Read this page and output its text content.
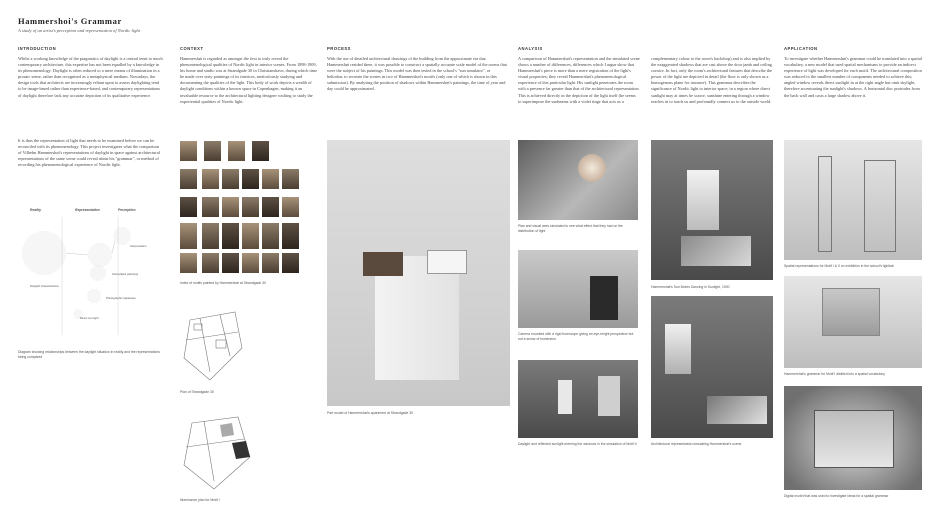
Hammershoi's Grammar
A study of an artist's perception and representation of Nordic light
INTRODUCTION
Whilst a working knowledge of the pragmatics of daylight is a central tenet to much contemporary architecture, this expertise has not been equalled by a knowledge in its phenomenology. Daylight is often reduced to a mere means of illumination in a prosaic sense, rather than recognised as a metaphysical medium. Nowadays, the design tools that architects are increasingly reliant upon to assess daylighting tend to be image-based rather than experience-based, and contemporary representations of daylight therefore lack any accurate depiction of its qualitative experience.
It is thus the representation of light that needs to be examined before we can be reconciled with its phenomenology. This project investigates what the comparison of Vilhelm Hammershøi's representations of daylight in space against architectural representations of the same scene could reveal about his "grammar", or method of recording his phenomenological experience of Nordic light.
Reality	Representation	Perception
Interpretation
Interrelated paintings
Photographic apparatus
Direct sun light
Daylight characteristics
Diagram showing relationships between the daylight situation in reality and the representations being compared
CONTEXT
Hammershøi is regarded as amongst the first to truly reveal the phenomenological qualities of Nordic light in interior scenes. From 1898-1909, his home and studio was at Strandgade 30 in Christianshavn, during which time he made over sixty paintings of its interiors, meticulously studying and documenting the qualities of the light. This body of work depicts a wealth of daylight conditions within a known space in Copenhagen, making it an invaluable resource to the architectural lighting designer wishing to study the experiential qualities of Nordic light.
Index of motifs painted by Hammershøi at Strandgade 30
Plan of Strandgade 30
Illuminance plan for Motif I
PROCESS
With the use of detailed architectural drawings of the building from the approximate era that Hammershøi resided there, it was possible to construct a spatially accurate scale model of the rooms that were the subject of his paintings. This model was then tested in the school's "sun simulator", or heliodon, to recreate the scenes in two of Hammershøi's motifs (only one of which is shown in this submission). By analysing the position of shadows within Hammershøi's paintings, the time of year and day could be approximated.
Part model of Hammershøi's apartment at Strandgade 30
ANALYSIS
A comparison of Hammershøi's representation and the simulated scene shows a number of differences, differences which I argue show that Hammershøi's piece is more than a mere registration of the light's visual properties; they reveal Hammershøi's phenomenological experience of this particular light. His sunlight penetrates the room with a presence far greater than that of the architectural representation. This is achieved directly in the depiction of the light itself (he seems to superimpose the sunbeams with a violet tinge that acts as a
complementary colour to the room's backdrop) and is also implied by the exaggerated shadows that are cast above the door jamb and ceiling cornice. In fact, only the room's architectural features that describe the power of the light are depicted in detail (the floor is only shown as a homogenous plane for instance). This grammar describes the significance of Nordic light to interior space; in a region where direct sunlight may at times be scarce, sunshine entering through a window reaches in to touch us and profoundly connect us to the outside world.
Plan and visual axes simulated to see what effect that they had on the distribution of light
Camera mounted with a rigid borescope giving an eye-height perspective but not a sense of immersion
Daylight and reflected sunlight entering the windows in the simulation of Motif II
Hammershøi's Sun Motes Dancing in Sunlight, 1900
Architectural representation simulating Hammershøi's scene
APPLICATION
To investigate whether Hammershøi's grammar could be translated into a spatial vocabulary, a new model that used spatial mechanisms to provide an indirect experience of light was developed for each motif. The architectural composition was reduced to the smallest number of components needed to achieve this; angled window reveals direct sunlight in at the right angle but omit skylight, therefore accentuating the sunlight's shadows. A horizontal disc protrudes from the back wall and casts a large shadow above it.
Spatial representations for Motif I & II on exhibition in the school's lightlab
Hammershøi's grammar for Motif I distilled into a spatial vocabulary
Digital model that was used to investigate ideas for a spatial grammar
